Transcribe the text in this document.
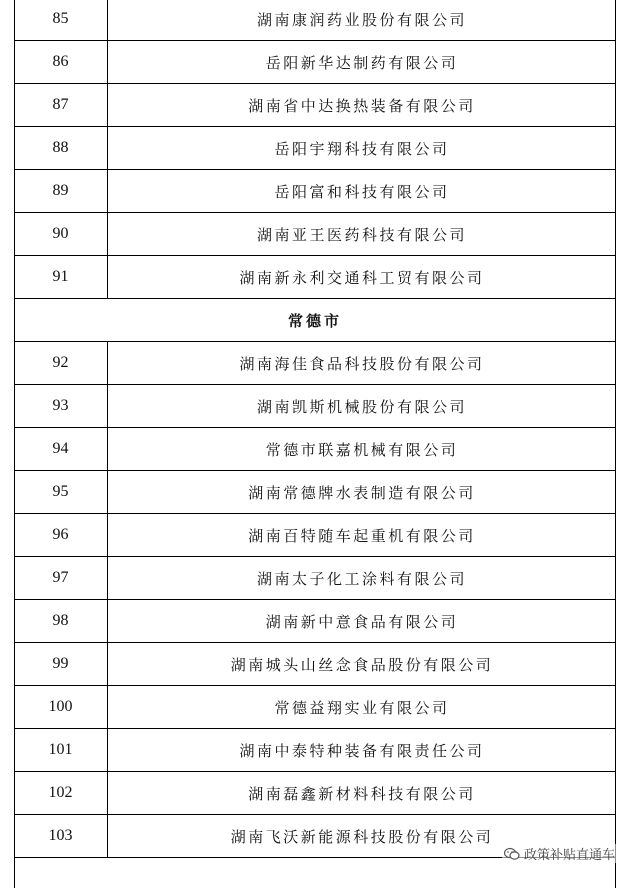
85	湖南康润药业股份有限公司
86	岳阳新华达制药有限公司
87	湖南省中达换热装备有限公司
88	岳阳宇翔科技有限公司
89	岳阳富和科技有限公司
90	湖南亚王医药科技有限公司
91	湖南新永利交通科工贸有限公司
常德市
92	湖南海佳食品科技股份有限公司
93	湖南凯斯机械股份有限公司
94	常德市联嘉机械有限公司
95	湖南常德牌水表制造有限公司
96	湖南百特随车起重机有限公司
97	湖南太子化工涂料有限公司
98	湖南新中意食品有限公司
99	湖南城头山丝念食品股份有限公司
100	常德益翔实业有限公司
101	湖南中泰特种装备有限责任公司
102	湖南磊鑫新材料科技有限公司
103	湖南飞沃新能源科技股份有限公司
政策补贴直通车
